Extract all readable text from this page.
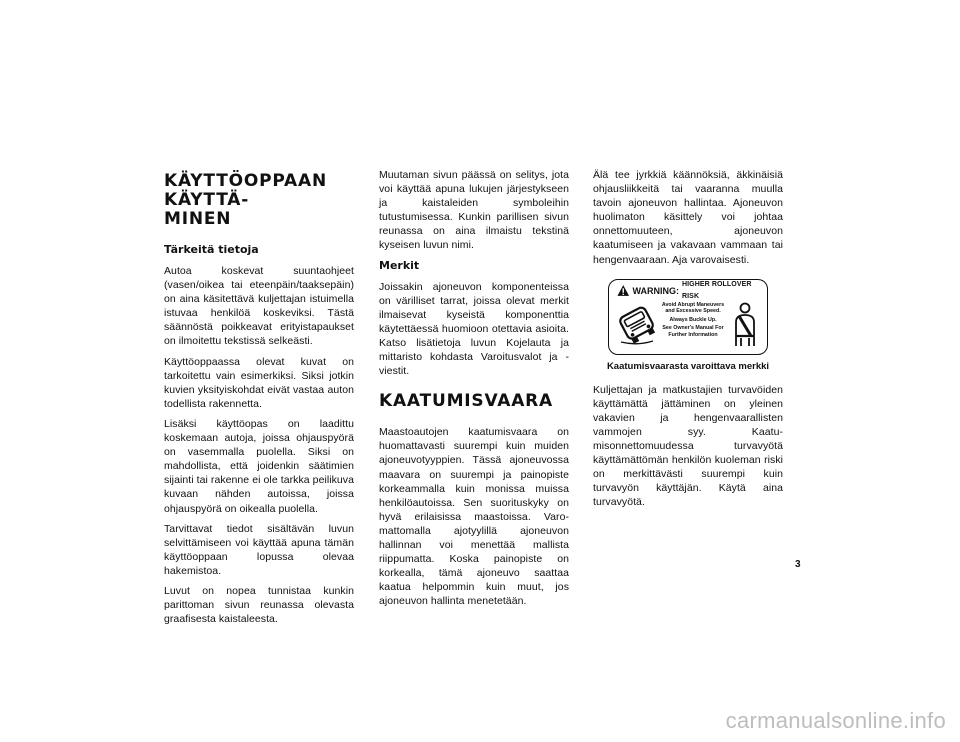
KÄYTTÖOPPAAN KÄYTTÄ-
MINEN
Tärkeitä tietoja

Autoa koskevat suuntaohjeet (vasen/oikea tai eteenpäin/taaksepäin) on aina käsitettävä kuljettajan istuimella istuvaa henkilöä koskeviksi. Tästä säännöstä poikkeavat erityistapaukset on ilmoitettu tekstissä selkeästi.

Käyttöoppaassa olevat kuvat on tarkoitettu vain esimerkiksi. Siksi jotkin kuvien yksityiskohdat eivät vastaa auton todellista rakennetta.

Lisäksi käyttöopas on laadittu koskemaan autoja, joissa ohjauspyörä on vasemmalla puolella. Siksi on mahdollista, että joidenkin säätimien sijainti tai rakenne ei ole tarkka peilikuva kuvaan nähden autoissa, joissa ohjauspyörä on oikealla puolella.

Tarvittavat tiedot sisältävän luvun selvittämiseen voi käyttää apuna tämän käyttöoppaan lopussa olevaa hakemistoa.

Luvut on nopea tunnistaa kunkin parittoman sivun reunassa olevasta graafisesta kaistaleesta.

Muutaman sivun päässä on selitys, jota voi käyttää apuna lukujen järjestykseen ja kaistaleiden symboleihin tutustumisessa. Kunkin parillisen sivun reunassa on aina ilmaistu tekstinä kyseisen luvun nimi.

Merkit

Joissakin ajoneuvon komponenteissa on värilliset tarrat, joissa olevat merkit ilmaisevat kyseistä komponenttia käytettäessä huomioon otettavia asioita. Katso lisätietoja luvun Kojelauta ja mittaristo kohdasta Varoitusvalot ja -viestit.

KAATUMISVAARA

Maastoautojen kaatumisvaara on huomattavasti suurempi kuin muiden ajoneuvotyyppien. Tässä ajoneuvossa maavara on suurempi ja painopiste korkeammalla kuin monissa muissa henkilöautoissa. Sen suorituskyky on hyvä erilaisissa maastoissa. Varomattomalla ajotyylillä ajoneuvon hallinnan voi menettää mallista riippumatta. Koska painopiste on korkealla, tämä ajoneuvo saattaa kaatua helpommin kuin muut, jos ajoneuvon hallinta menetetään.

Älä tee jyrkkiä käännöksiä, äkkinäisiä ohjausliikkeitä tai vaaranna muulla tavoin ajoneuvon hallintaa. Ajoneuvon huolimaton käsittely voi johtaa onnettomuuteen, ajoneuvon kaatumiseen ja vakavaan vammaan tai hengenvaaraan. Aja varovaisesti.

WARNING:
HIGHER ROLLOVER RISK
Avoid Abrupt Maneuvers and Excessive Speed.
Always Buckle Up.
See Owner's Manual For Further Information
Kaatumisvaarasta varoittava merkki

Kuljettajan ja matkustajien turvavöiden käyttämättä jättäminen on yleinen vakavien ja hengenvaarallisten vammojen syy. Kaatumisonnettomuudessa turvavyötä käyttämättömän henkilön kuoleman riski on merkittävästi suurempi kuin turvavyön käyttäjän. Käytä aina turvavyötä.

3
carmanualsonline.info
